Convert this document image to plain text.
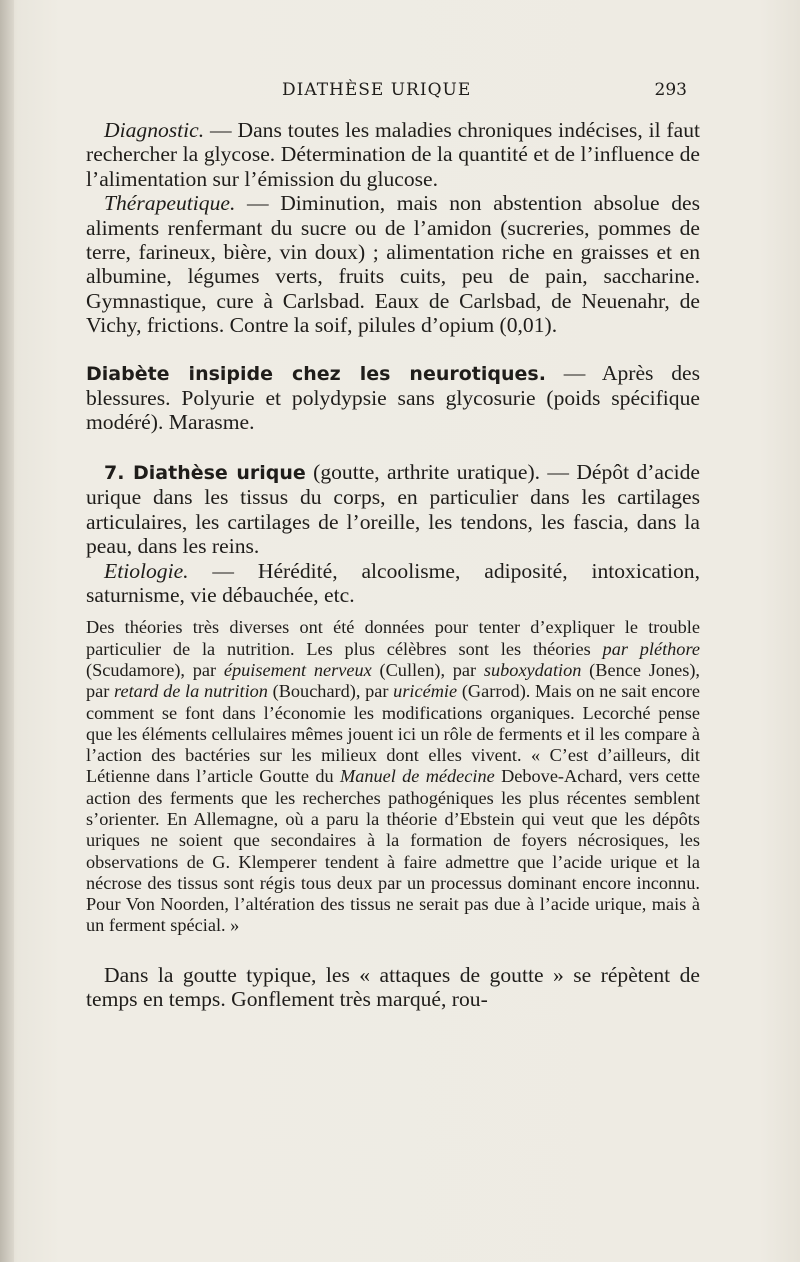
DIATHÈSE URIQUE	293

Diagnostic. — Dans toutes les maladies chroniques indécises, il faut rechercher la glycose. Détermination de la quantité et de l’influence de l’alimentation sur l’émission du glucose.

Thérapeutique. — Diminution, mais non abstention absolue des aliments renfermant du sucre ou de l’amidon (sucreries, pommes de terre, farineux, bière, vin doux) ; alimentation riche en graisses et en albumine, légumes verts, fruits cuits, peu de pain, saccharine. Gymnastique, cure à Carlsbad. Eaux de Carlsbad, de Neuenahr, de Vichy, frictions. Contre la soif, pilules d’opium (0,01).

Diabète insipide chez les neurotiques. — Après des blessures. Polyurie et polydypsie sans glycosurie (poids spécifique modéré). Marasme.

7. Diathèse urique (goutte, arthrite uratique). — Dépôt d’acide urique dans les tissus du corps, en particulier dans les cartilages articulaires, les cartilages de l’oreille, les tendons, les fascia, dans la peau, dans les reins.

Etiologie. — Hérédité, alcoolisme, adiposité, intoxication, saturnisme, vie débauchée, etc.

Des théories très diverses ont été données pour tenter d’expliquer le trouble particulier de la nutrition. Les plus célèbres sont les théories par pléthore (Scudamore), par épuisement nerveux (Cullen), par suboxydation (Bence Jones), par retard de la nutrition (Bouchard), par uricémie (Garrod). Mais on ne sait encore comment se font dans l’économie les modifications organiques. Lecorché pense que les éléments cellulaires mêmes jouent ici un rôle de ferments et il les compare à l’action des bactéries sur les milieux dont elles vivent. « C’est d’ailleurs, dit Létienne dans l’article Goutte du Manuel de médecine Debove-Achard, vers cette action des ferments que les recherches pathogéniques les plus récentes semblent s’orienter. En Allemagne, où a paru la théorie d’Ebstein qui veut que les dépôts uriques ne soient que secondaires à la formation de foyers nécrosiques, les observations de G. Klemperer tendent à faire admettre que l’acide urique et la nécrose des tissus sont régis tous deux par un processus dominant encore inconnu. Pour Von Noorden, l’altération des tissus ne serait pas due à l’acide urique, mais à un ferment spécial. »

Dans la goutte typique, les « attaques de goutte » se répètent de temps en temps. Gonflement très marqué, rou-
